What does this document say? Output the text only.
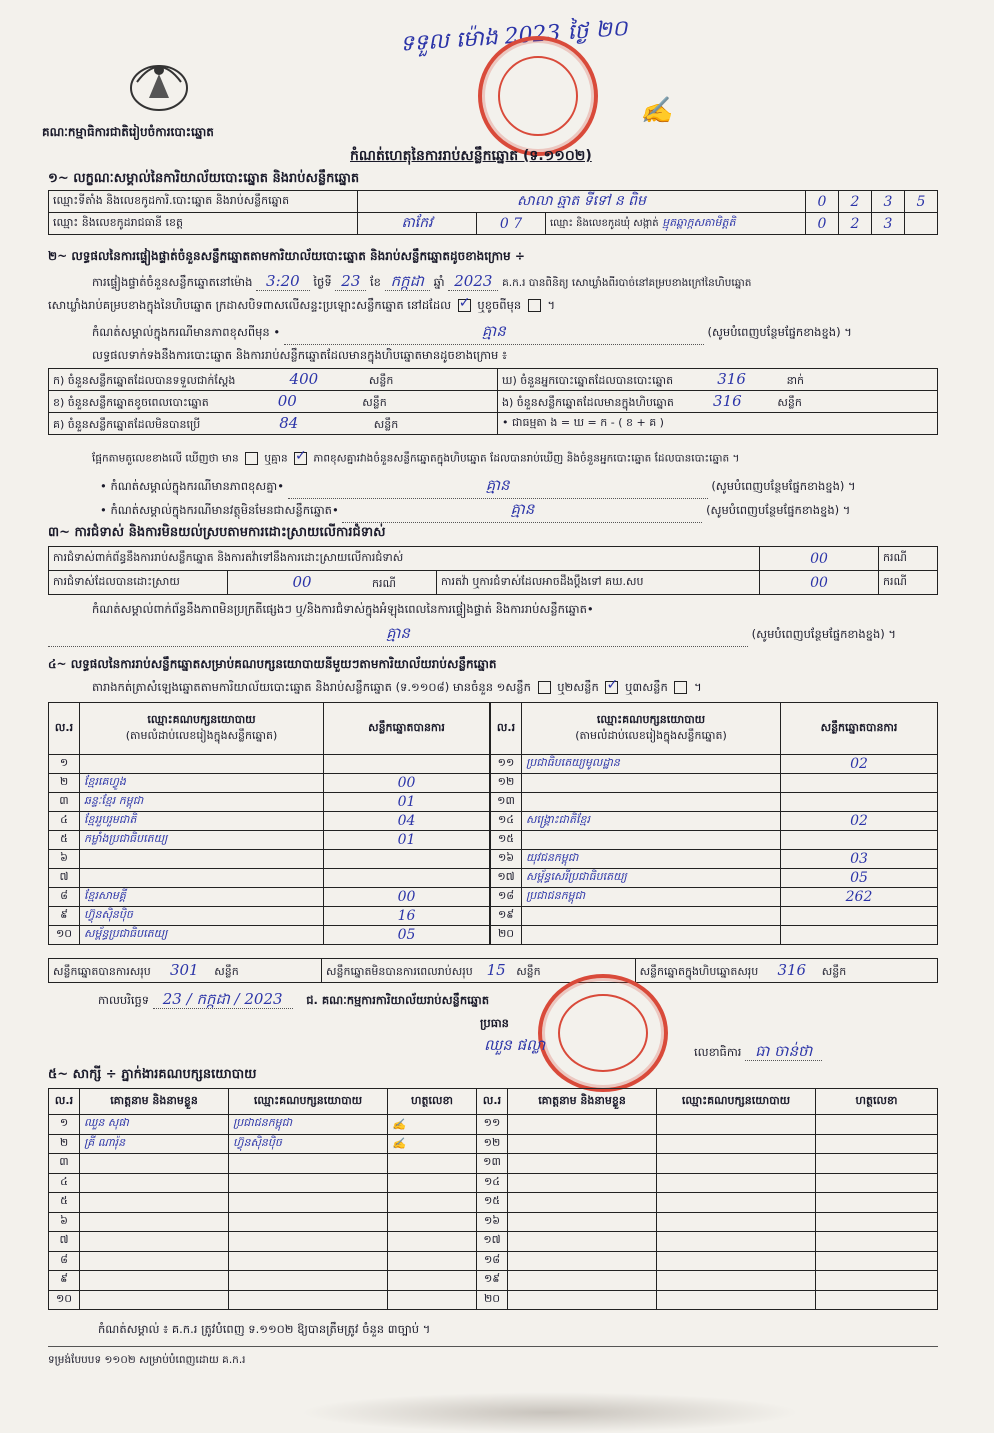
ទទួល ម៉ោង 2023 ថ្ងៃ ២០
✍
គណៈកម្មាធិការជាតិរៀបចំការបោះឆ្នោត
កំណត់ហេតុនៃការរាប់សន្លឹកឆ្នោត (ទ.១១០២)
១~ លក្ខណៈសម្គាល់នៃការិយាល័យបោះឆ្នោត និងរាប់សន្លឹកឆ្នោត
ឈ្មោះទីតាំង និងលេខកូដការិ.បោះឆ្នោត និងរាប់សន្លឹកឆ្នោត	សាលា ឆ្មាត ទីទៅ ន ពិម			0	2	3	5
ឈ្មោះ និងលេខកូដរាជធានី ខេត្ត	តាកែវ	0 7	ឈ្មោះ និងលេខកូដឃុំ សង្កាត់ ម្មុតឆ្ពាក្កសតាមិត្តតិ	0	2	3	
២~ លទ្ធផលនៃការផ្ទៀងផ្ទាត់ចំនួនសន្លឹកឆ្នោតតាមការិយាល័យបោះឆ្នោត និងរាប់សន្លឹកឆ្នោតដូចខាងក្រោម ÷
ការផ្ទៀងផ្ទាត់ចំនួនសន្លឹកឆ្នោតនៅម៉ោង 3:20 ថ្ងៃទី 23 ខែ កក្កដា ឆ្នាំ 2023 គ.ក.រ បានពិនិត្យ សោឃ្លាំងពីរបាច់នៅគម្របខាងក្រៅនៃហិបឆ្នោត
សោឃ្លាំងរាប់គម្របខាងក្នុងនៃហិបឆ្នោត ក្រដាសបិទពាសលើសន្ទះប្រឡោះសន្លឹកឆ្នោត នៅដដែល ✓ ឬខូចពីមុន  ។
កំណត់សម្គាល់ក្នុងករណីមានភាពខុសពីមុន •	គ្មាន	(សូមបំពេញបន្ថែមផ្នែកខាងខ្នង) ។
លទ្ធផលទាក់ទងនឹងការបោះឆ្នោត និងការរាប់សន្លឹកឆ្នោតដែលមានក្នុងហិបឆ្នោតមានដូចខាងក្រោម ៖
ក) ចំនួនសន្លឹកឆ្នោតដែលបានទទួលជាក់ស្តែង 400 សន្លឹក	ឃ) ចំនួនអ្នកបោះឆ្នោតដែលបានបោះឆ្នោត 316 នាក់
ខ) ចំនួនសន្លឹកឆ្នោតខូចពេលបោះឆ្នោត 00 សន្លឹក	ង) ចំនួនសន្លឹកឆ្នោតដែលមានក្នុងហិបឆ្នោត 316 សន្លឹក
គ) ចំនួនសន្លឹកឆ្នោតដែលមិនបានប្រើ 84 សន្លឹក	• ជាធម្មតា ង = ឃ = ក - ( ខ + គ )
ផ្អែកតាមតួលេខខាងលើ ឃើញថា មាន ឬគ្មាន ✓ ភាពខុសគ្នារវាងចំនួនសន្លឹកឆ្នោតក្នុងហិបឆ្នោត ដែលបានរាប់ឃើញ និងចំនួនអ្នកបោះឆ្នោត ដែលបានបោះឆ្នោត ។
• កំណត់សម្គាល់ក្នុងករណីមានភាពខុសគ្នា•	គ្មាន	(សូមបំពេញបន្ថែមផ្នែកខាងខ្នង) ។
• កំណត់សម្គាល់ក្នុងករណីមានវត្ថុមិនមែនជាសន្លឹកឆ្នោត•	គ្មាន	(សូមបំពេញបន្ថែមផ្នែកខាងខ្នង) ។
៣~ ការជំទាស់ និងការមិនយល់ស្របតាមការដោះស្រាយលើការជំទាស់
ការជំទាស់ពាក់ព័ន្ធនឹងការរាប់សន្លឹកឆ្នោត និងការតវ៉ាទៅនឹងការដោះស្រាយលើការជំទាស់			00	ករណី
ការជំទាស់ដែលបានដោះស្រាយ	00 ករណី	ការតវ៉ា ឬការជំទាស់ដែលអាចដឹងប្តឹងទៅ គឃ.សប	00	ករណី
កំណត់សម្គាល់ពាក់ព័ន្ធនឹងភាពមិនប្រក្រតីផ្សេងៗ ឬ/និងការជំទាស់ក្នុងអំឡុងពេលនៃការផ្ទៀងផ្ទាត់ និងការរាប់សន្លឹកឆ្នោត•
គ្មាន	(សូមបំពេញបន្ថែមផ្នែកខាងខ្នង) ។
៤~ លទ្ធផលនៃការរាប់សន្លឹកឆ្នោតសម្រាប់គណបក្សនយោបាយនីមួយៗតាមការិយាល័យរាប់សន្លឹកឆ្នោត
តារាងកត់ត្រាសំឡេងឆ្នោតតាមការិយាល័យបោះឆ្នោត និងរាប់សន្លឹកឆ្នោត (ទ.១១០៨) មានចំនួន ១សន្លឹក ឬ២សន្លឹក ✓ ឬ៣សន្លឹក  ។
ល.រ	ឈ្មោះគណបក្សនយោបាយ
(តាមលំដាប់លេខរៀងក្នុងសន្លឹកឆ្នោត)	សន្លឹកឆ្នោតបានការ
១		
២	ខ្មែរគេហ្វូង	00
៣	ឆន្ទៈខ្មែរ កម្ពុជា	01
៤	ខ្មែររួបរួមជាតិ	04
៥	កម្លាំងប្រជាធិបតេយ្យ	01
៦		
៧		
៨	ខ្មែរសាមគ្គី	00
៩	ហ៊្វុនស៊ិនប៉ិច	16
១០	សម្ព័ន្ធប្រជាធិបតេយ្យ	05
ល.រ	ឈ្មោះគណបក្សនយោបាយ
(តាមលំដាប់លេខរៀងក្នុងសន្លឹកឆ្នោត)	សន្លឹកឆ្នោតបានការ
១១	ប្រជាធិបតេយ្យមូលដ្ឋាន	02
១២		
១៣		
១៤	សង្គ្រោះជាតិខ្មែរ	02
១៥		
១៦	យុវជនកម្ពុជា	03
១៧	សម្ព័ន្ធសេរីប្រជាធិបតេយ្យ	05
១៨	ប្រជាជនកម្ពុជា	262
១៩		
២០		
សន្លឹកឆ្នោតបានការសរុប 301 សន្លឹក	សន្លឹកឆ្នោតមិនបានការពេលរាប់សរុប 15 សន្លឹក	សន្លឹកឆ្នោតក្នុងហិបឆ្នោតសរុប 316 សន្លឹក
កាលបរិច្ឆេទ 23 / កក្កដា / 2023 ជ. គណៈកម្មការការិយាល័យរាប់សន្លឹកឆ្នោត
ប្រធាន
ឈួន ផល្លា	លេខាធិការ ធា ចាន់ថា
៥~ សាក្សី ÷ ភ្នាក់ងារគណបក្សនយោបាយ
ល.រ	គោត្តនាម និងនាមខ្លួន	ឈ្មោះគណបក្សនយោបាយ	ហត្ថលេខា	ល.រ	គោត្តនាម និងនាមខ្លួន	ឈ្មោះគណបក្សនយោបាយ	ហត្ថលេខា
១	ឈួន សុផា	ប្រជាជនកម្ពុជា	✍	១១			
២	គ្រី ណារ៉ុន	ហ៊្វុនស៊ិនប៉ិច	✍	១២			
៣				១៣			
៤				១៤			
៥				១៥			
៦				១៦			
៧				១៧			
៨				១៨			
៩				១៩			
១០				២០			
កំណត់សម្គាល់ ៖ គ.ក.រ ត្រូវបំពេញ ទ.១១០២ ឱ្យបានត្រឹមត្រូវ ចំនួន ៣ច្បាប់ ។
ទម្រង់បែបបទ ១១០២ សម្រាប់បំពេញដោយ គ.ក.រ
